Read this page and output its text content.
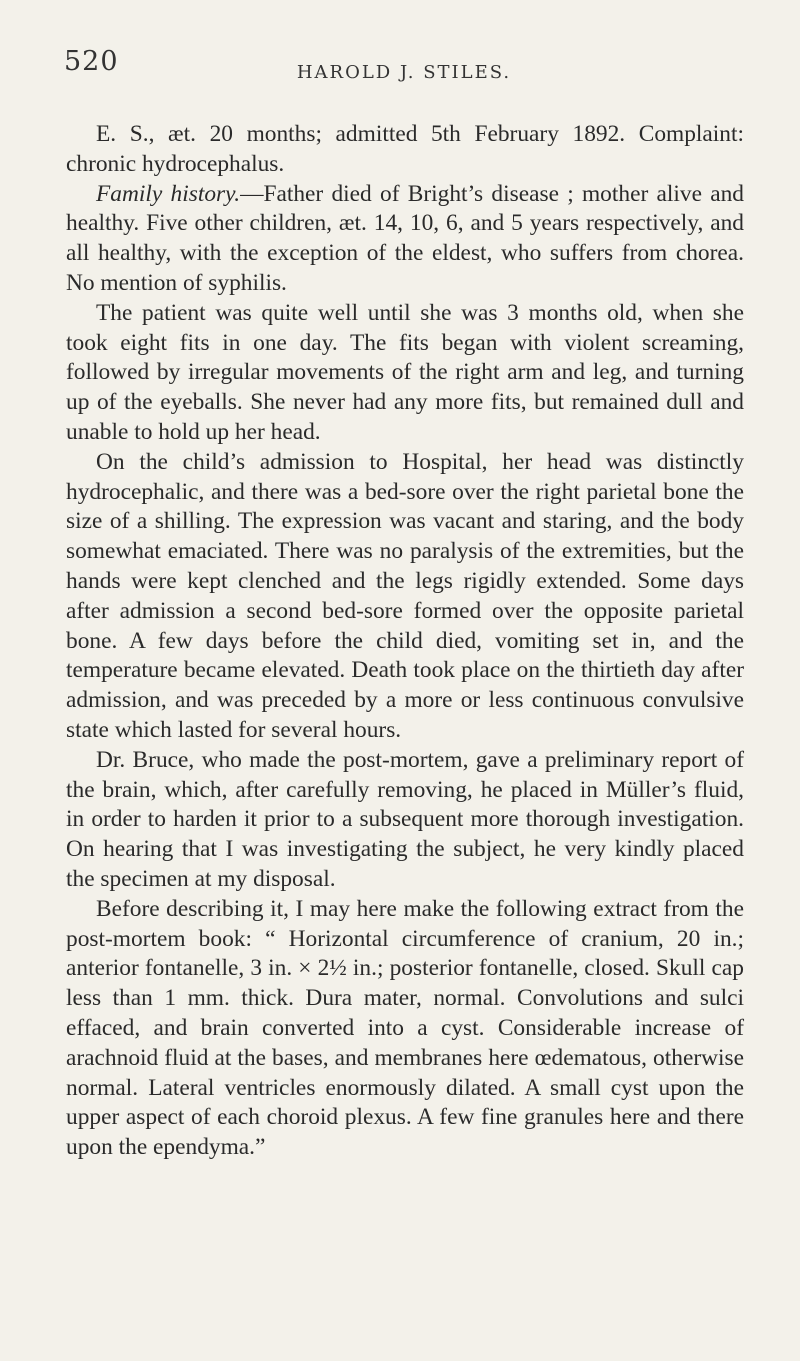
520	HAROLD J. STILES.

E. S., æt. 20 months; admitted 5th February 1892. Complaint: chronic hydrocephalus.

Family history.—Father died of Bright’s disease ; mother alive and healthy. Five other children, æt. 14, 10, 6, and 5 years respectively, and all healthy, with the exception of the eldest, who suffers from chorea. No mention of syphilis.

The patient was quite well until she was 3 months old, when she took eight fits in one day. The fits began with violent screaming, followed by irregular movements of the right arm and leg, and turning up of the eyeballs. She never had any more fits, but remained dull and unable to hold up her head.

On the child’s admission to Hospital, her head was distinctly hydrocephalic, and there was a bed-sore over the right parietal bone the size of a shilling. The expression was vacant and staring, and the body somewhat emaciated. There was no paralysis of the extremities, but the hands were kept clenched and the legs rigidly extended. Some days after admission a second bed-sore formed over the opposite parietal bone. A few days before the child died, vomiting set in, and the temperature became elevated. Death took place on the thirtieth day after admission, and was preceded by a more or less continuous convulsive state which lasted for several hours.

Dr. Bruce, who made the post-mortem, gave a preliminary report of the brain, which, after carefully removing, he placed in Müller’s fluid, in order to harden it prior to a subsequent more thorough investigation. On hearing that I was investigating the subject, he very kindly placed the specimen at my disposal.

Before describing it, I may here make the following extract from the post-mortem book: “ Horizontal circumference of cranium, 20 in.; anterior fontanelle, 3 in. × 2½ in.; posterior fontanelle, closed. Skull cap less than 1 mm. thick. Dura mater, normal. Convolutions and sulci effaced, and brain converted into a cyst. Considerable increase of arachnoid fluid at the bases, and membranes here œdematous, otherwise normal. Lateral ventricles enormously dilated. A small cyst upon the upper aspect of each choroid plexus. A few fine granules here and there upon the ependyma.”
